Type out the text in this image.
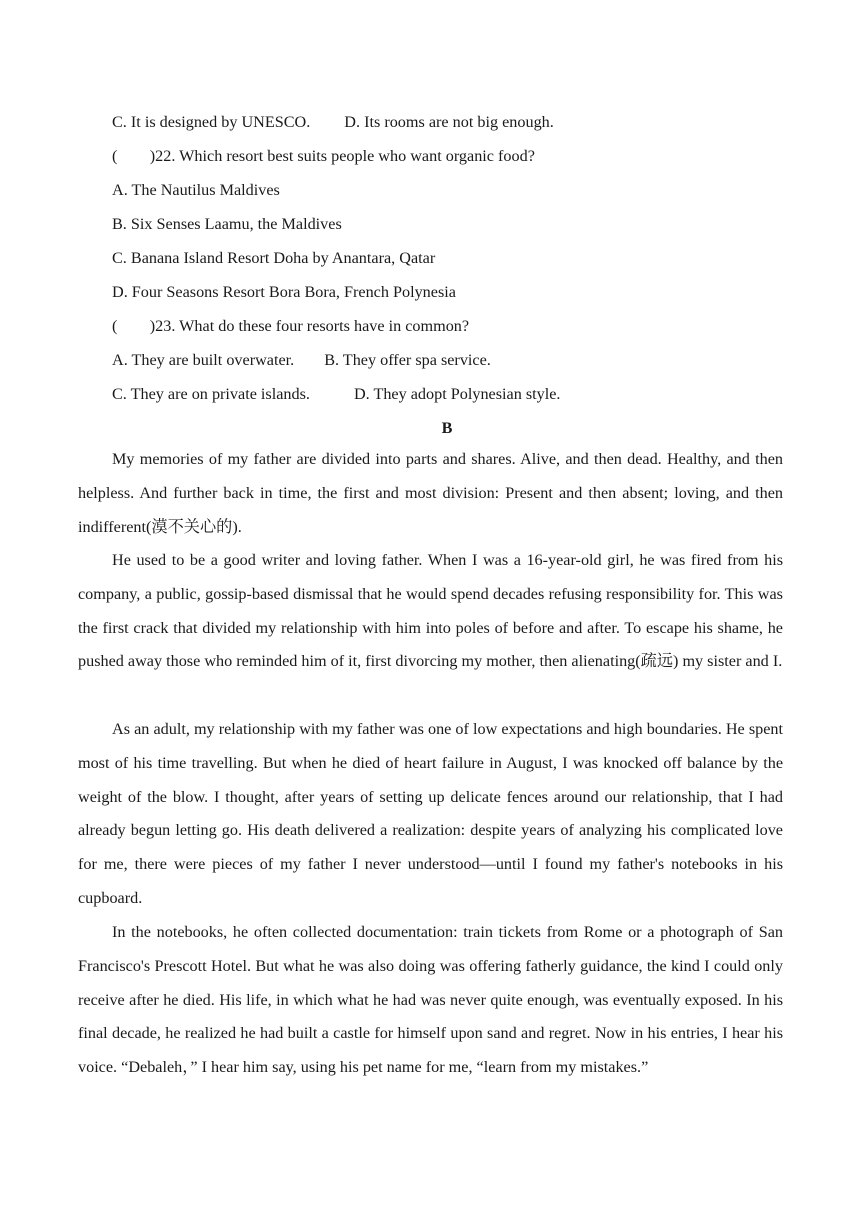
C. It is designed by UNESCO. D. Its rooms are not big enough.
(        )22. Which resort best suits people who want organic food?
A. The Nautilus Maldives
B. Six Senses Laamu, the Maldives
C. Banana Island Resort Doha by Anantara, Qatar
D. Four Seasons Resort Bora Bora, French Polynesia
(        )23. What do these four resorts have in common?
A. They are built overwater. B. They offer spa service.
C. They are on private islands.	D. They adopt Polynesian style.
B

My memories of my father are divided into parts and shares. Alive, and then dead. Healthy, and then helpless. And further back in time, the first and most division: Present and then absent; loving, and then indifferent(漠不关心的).

He used to be a good writer and loving father. When I was a 16-year-old girl, he was fired from his company, a public, gossip-based dismissal that he would spend decades refusing responsibility for. This was the first crack that divided my relationship with him into poles of before and after. To escape his shame, he pushed away those who reminded him of it, first divorcing my mother, then alienating(疏远) my sister and I.

As an adult, my relationship with my father was one of low expectations and high boundaries. He spent most of his time travelling. But when he died of heart failure in August, I was knocked off balance by the weight of the blow. I thought, after years of setting up delicate fences around our relationship, that I had already begun letting go. His death delivered a realization: despite years of analyzing his complicated love for me, there were pieces of my father I never understood—until I found my father's notebooks in his cupboard.

In the notebooks, he often collected documentation: train tickets from Rome or a photograph of San Francisco's Prescott Hotel. But what he was also doing was offering fatherly guidance, the kind I could only receive after he died. His life, in which what he had was never quite enough, was eventually exposed. In his final decade, he realized he had built a castle for himself upon sand and regret. Now in his entries, I hear his voice. “Debaleh，” I hear him say, using his pet name for me, “learn from my mistakes.”
